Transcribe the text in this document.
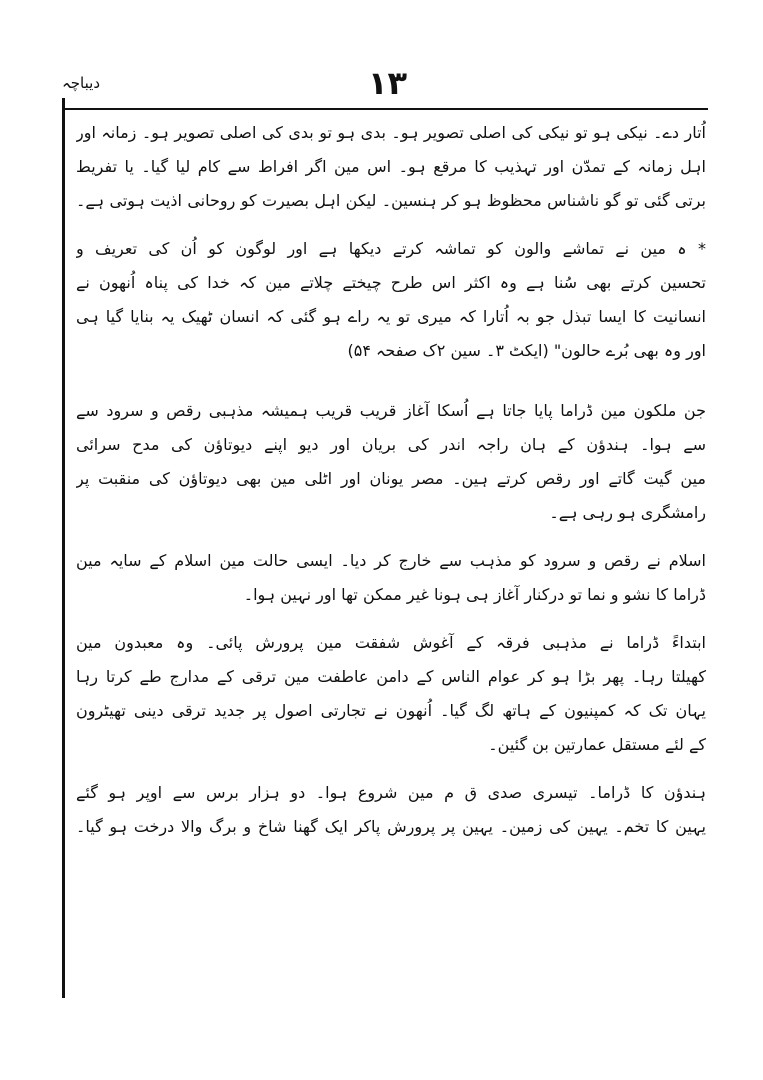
دیباچہ	۱۳
اُتار دے۔ نیکی ہو تو نیکی کی اصلی تصویر ہو۔ بدی ہو تو بدی کی اصلی تصویر ہو۔ زمانہ اور
اہل زمانہ کے تمدّن اور تہذیب کا مرقع ہو۔ اس مین اگر افراط سے کام لیا گیا۔ یا تفریط
برتی گئی تو گو ناشناس محظوظ ہو کر ہنسین۔ لیکن اہل بصیرت کو روحانی اذیت ہوتی ہے۔
* ہ مین نے تماشے والون کو تماشہ کرتے دیکھا ہے اور لوگون کو اُن کی تعریف و
تحسین کرتے بھی سُنا ہے وہ اکثر اس طرح چیختے چلاتے مین کہ خدا کی پناہ اُنھون نے
انسانیت کا ایسا تبذل جو بہ اُتارا کہ میری تو یہ راے ہو گئی کہ انسان ٹھیک یہ بنایا گیا ہی
اور وہ بھی بُرے حالون" (ایکٹ ۳۔ سین ۲ک صفحہ ۵۴)
جن ملکون مین ڈراما پایا جاتا ہے اُسکا آغاز قریب قریب ہمیشہ مذہبی رقص و سرود سے
سے ہوا۔ ہندؤن کے ہان راجہ اندر کی بریان اور دیو اپنے دیوتاؤن کی مدح سرائی
مین گیت گاتے اور رقص کرتے ہین۔ مصر یونان اور اٹلی مین بھی دیوتاؤن کی منقبت پر
رامشگری ہو رہی ہے۔
اسلام نے رقص و سرود کو مذہب سے خارج کر دیا۔ ایسی حالت مین اسلام کے سایہ مین
ڈراما کا نشو و نما تو درکنار آغاز ہی ہونا غیر ممکن تھا اور نہین ہوا۔
ابتداءً ڈراما نے مذہبی فرقہ کے آغوش شفقت مین پرورش پائی۔ وہ معبدون مین
کھیلتا رہا۔ پھر بڑا ہو کر عوام الناس کے دامن عاطفت مین ترقی کے مدارج طے کرتا رہا
یہان تک کہ کمپنیون کے ہاتھ لگ گیا۔ اُنھون نے تجارتی اصول پر جدید ترقی دینی تھیٹرون
کے لئے مستقل عمارتین بن گئین۔
ہندؤن کا ڈراما۔ تیسری صدی ق م مین شروع ہوا۔ دو ہزار برس سے اوپر ہو گئے
یہین کا تخم۔ یہین کی زمین۔ یہین پر پرورش پاکر ایک گھنا شاخ و برگ والا درخت ہو گیا۔
